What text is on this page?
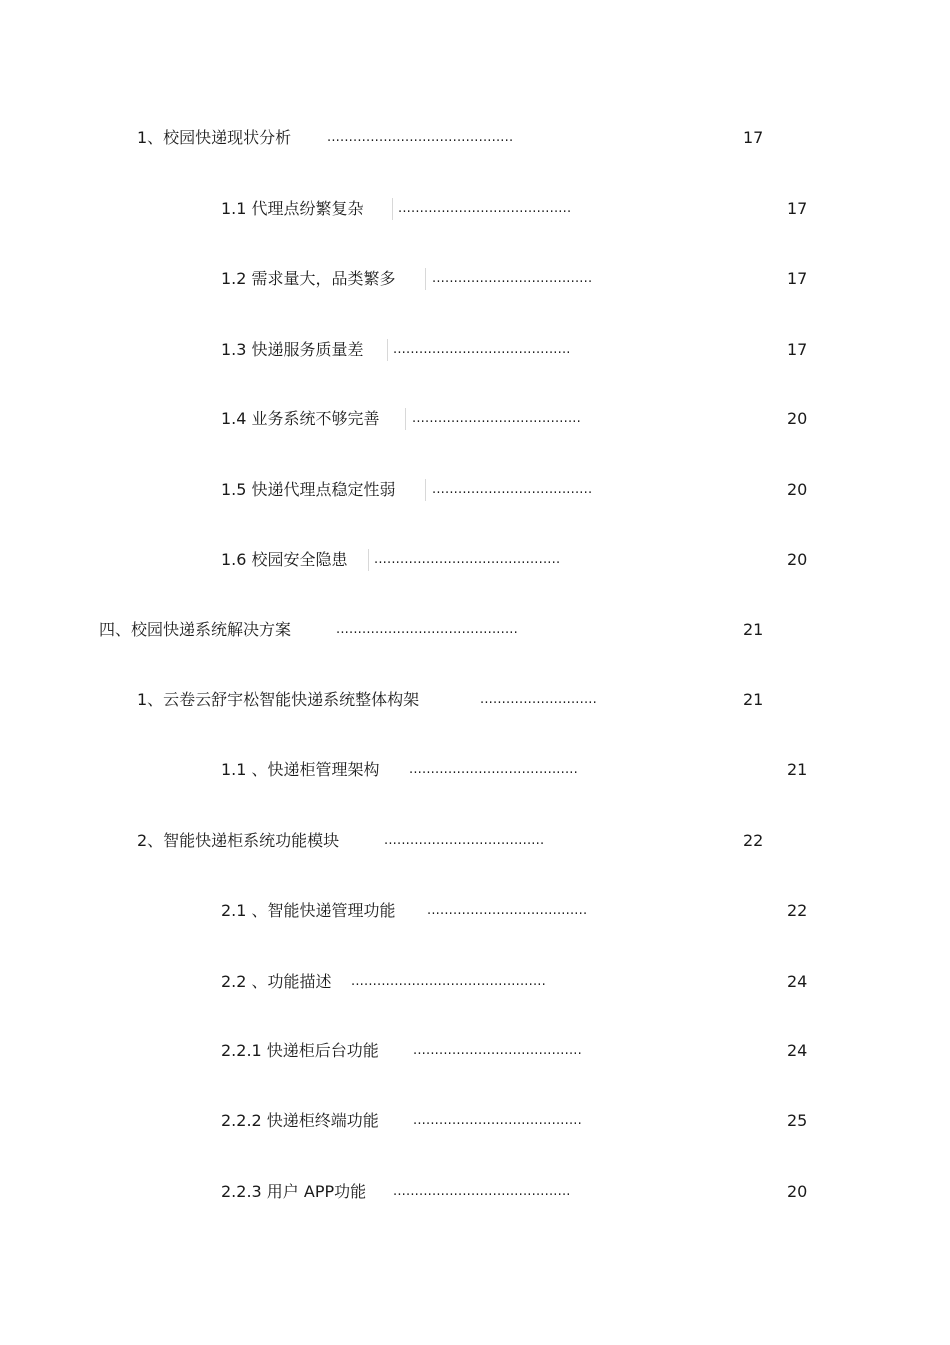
1、校园快递现状分析	...........................................	17
1.1 代理点纷繁复杂	........................................	17
1.2 需求量大，品类繁多	.....................................	17
1.3 快递服务质量差 .........................................	17
1.4 业务系统不够完善 .......................................	20
1.5 快递代理点稳定性弱	.....................................	20
1.6 校园安全隐患 ...........................................	20
四、校园快递系统解决方案	..........................................	21
1、云卷云舒宇松智能快递系统整体构架	...........................	21
1.1 、快递柜管理架构 .......................................	21
2、智能快递柜系统功能模块	.....................................	22
2.1 、智能快递管理功能 .....................................	22
2.2 、功能描述 .............................................	24
2.2.1 快递柜后台功能	.......................................	24
2.2.2 快递柜终端功能	.......................................	25
2.2.3 用户 APP功能 .........................................	20
